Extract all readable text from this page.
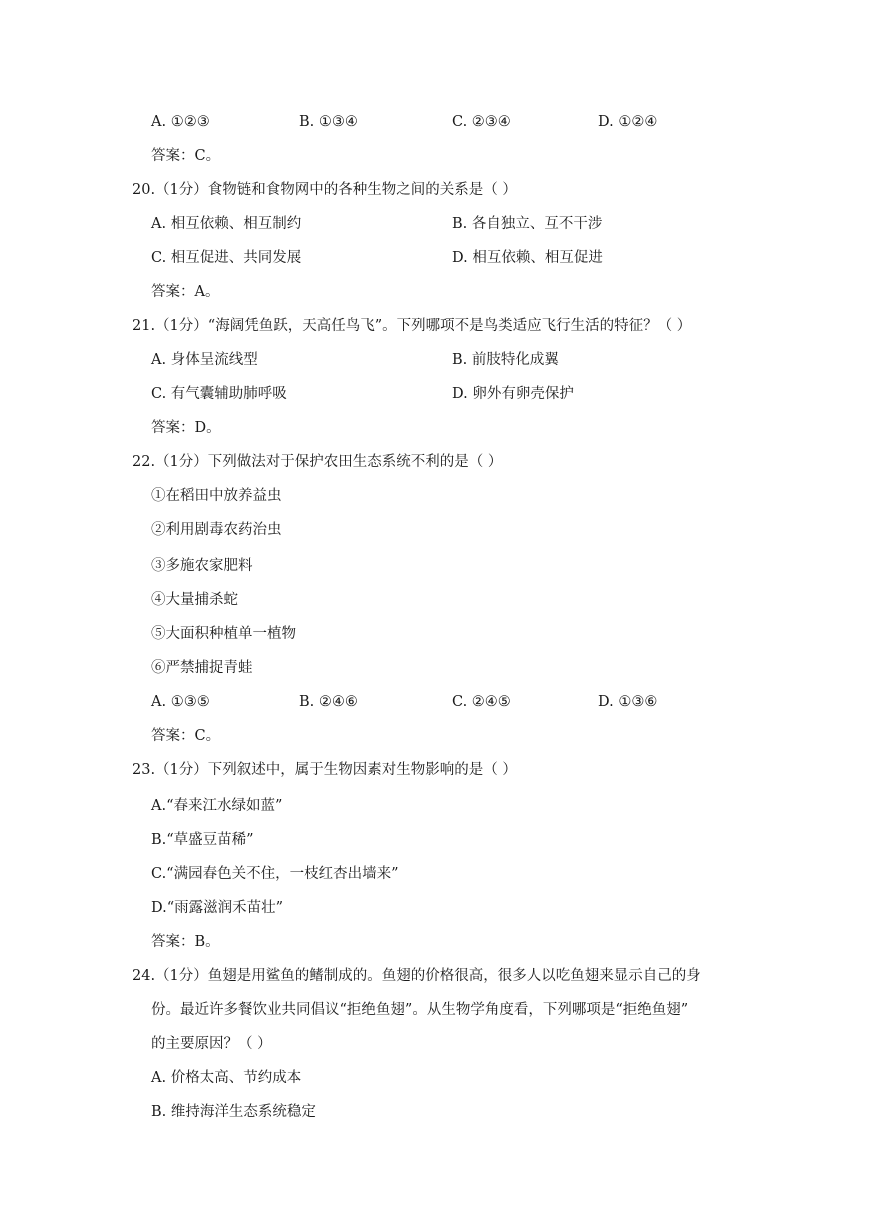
A. ①②③	B. ①③④	C. ②③④	D. ①②④
答案：C。
20.（1分）食物链和食物网中的各种生物之间的关系是（ ）
A. 相互依赖、相互制约	B. 各自独立、互不干涉
C. 相互促进、共同发展	D. 相互依赖、相互促进
答案：A。
21.（1分）“海阔凭鱼跃，天高任鸟飞”。下列哪项不是鸟类适应飞行生活的特征？（ ）
A. 身体呈流线型	B. 前肢特化成翼
C. 有气囊辅助肺呼吸	D. 卵外有卵壳保护
答案：D。
22.（1分）下列做法对于保护农田生态系统不利的是（ ）
①在稻田中放养益虫
②利用剧毒农药治虫
③多施农家肥料
④大量捕杀蛇
⑤大面积种植单一植物
⑥严禁捕捉青蛙
A. ①③⑤	B. ②④⑥	C. ②④⑤	D. ①③⑥
答案：C。
23.（1分）下列叙述中，属于生物因素对生物影响的是（ ）
A.“春来江水绿如蓝”
B.“草盛豆苗稀”
C.“满园春色关不住，一枝红杏出墙来”
D.“雨露滋润禾苗壮”
答案：B。
24.（1分）鱼翅是用鲨鱼的鳍制成的。鱼翅的价格很高，很多人以吃鱼翅来显示自己的身
份。最近许多餐饮业共同倡议“拒绝鱼翅”。从生物学角度看，下列哪项是“拒绝鱼翅”
的主要原因？（ ）
A. 价格太高、节约成本
B. 维持海洋生态系统稳定
